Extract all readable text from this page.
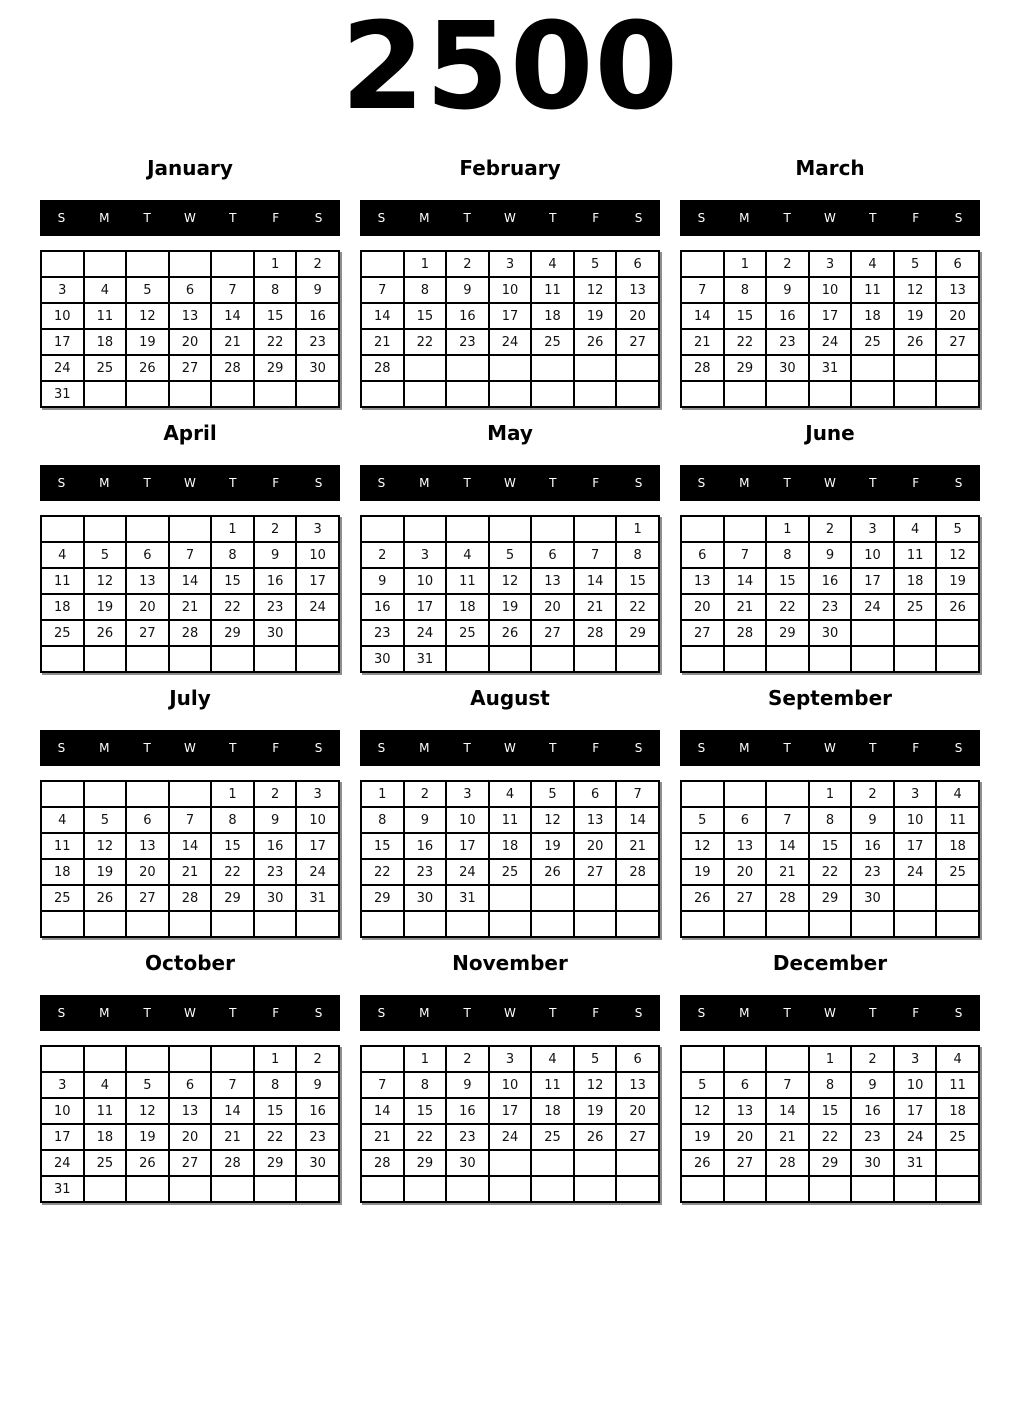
2500
January
S	M	T	W	T	F	S
					1	2
3	4	5	6	7	8	9
10	11	12	13	14	15	16
17	18	19	20	21	22	23
24	25	26	27	28	29	30
31						
February
S	M	T	W	T	F	S
	1	2	3	4	5	6
7	8	9	10	11	12	13
14	15	16	17	18	19	20
21	22	23	24	25	26	27
28						

March
S	M	T	W	T	F	S
	1	2	3	4	5	6
7	8	9	10	11	12	13
14	15	16	17	18	19	20
21	22	23	24	25	26	27
28	29	30	31			

April
S	M	T	W	T	F	S
				1	2	3
4	5	6	7	8	9	10
11	12	13	14	15	16	17
18	19	20	21	22	23	24
25	26	27	28	29	30	

May
S	M	T	W	T	F	S
						1
2	3	4	5	6	7	8
9	10	11	12	13	14	15
16	17	18	19	20	21	22
23	24	25	26	27	28	29
30	31					
June
S	M	T	W	T	F	S
		1	2	3	4	5
6	7	8	9	10	11	12
13	14	15	16	17	18	19
20	21	22	23	24	25	26
27	28	29	30			

July
S	M	T	W	T	F	S
				1	2	3
4	5	6	7	8	9	10
11	12	13	14	15	16	17
18	19	20	21	22	23	24
25	26	27	28	29	30	31

August
S	M	T	W	T	F	S
1	2	3	4	5	6	7
8	9	10	11	12	13	14
15	16	17	18	19	20	21
22	23	24	25	26	27	28
29	30	31				

September
S	M	T	W	T	F	S
			1	2	3	4
5	6	7	8	9	10	11
12	13	14	15	16	17	18
19	20	21	22	23	24	25
26	27	28	29	30		

October
S	M	T	W	T	F	S
					1	2
3	4	5	6	7	8	9
10	11	12	13	14	15	16
17	18	19	20	21	22	23
24	25	26	27	28	29	30
31						
November
S	M	T	W	T	F	S
	1	2	3	4	5	6
7	8	9	10	11	12	13
14	15	16	17	18	19	20
21	22	23	24	25	26	27
28	29	30				

December
S	M	T	W	T	F	S
			1	2	3	4
5	6	7	8	9	10	11
12	13	14	15	16	17	18
19	20	21	22	23	24	25
26	27	28	29	30	31	
